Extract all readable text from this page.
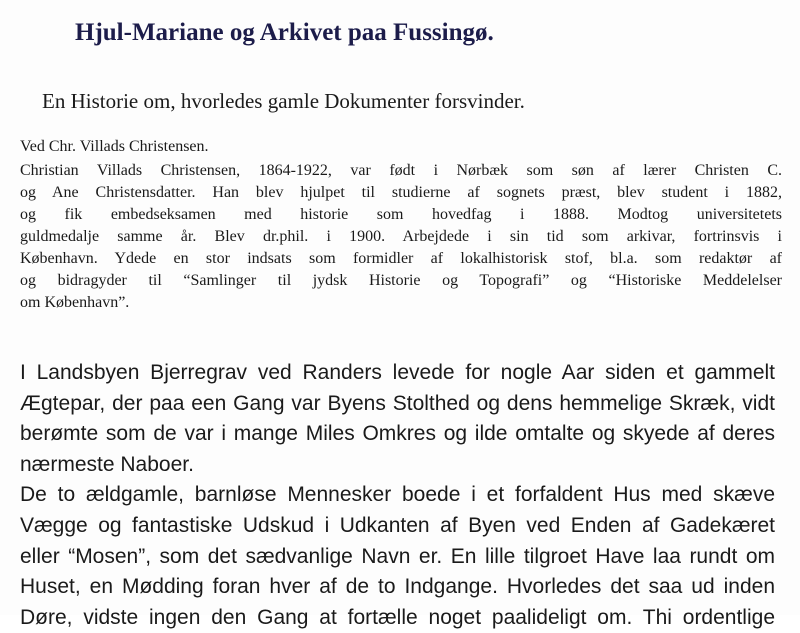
Hjul-Mariane og Arkivet paa Fussingø.
En Historie om, hvorledes gamle Dokumenter forsvinder.
Ved Chr. Villads Christensen.
Christian Villads Christensen, 1864-1922, var født i Nørbæk som søn af lærer Christen C.
og Ane Christensdatter. Han blev hjulpet til studierne af sognets præst, blev student i 1882,
og fik embedseksamen med historie som hovedfag i 1888. Modtog universitetets
guldmedalje samme år. Blev dr.phil. i 1900. Arbejdede i sin tid som arkivar, fortrinsvis i
København. Ydede en stor indsats som formidler af lokalhistorisk stof, bl.a. som redaktør af
og bidragyder til “Samlinger til jydsk Historie og Topografi” og “Historiske Meddelelser
om København”.
I Landsbyen Bjerregrav ved Randers levede for nogle Aar siden et gammelt
Ægtepar, der paa een Gang var Byens Stolthed og dens hemmelige Skræk, vidt
berømte som de var i mange Miles Omkres og ilde omtalte og skyede af deres
nærmeste Naboer.
De to ældgamle, barnløse Mennesker boede i et forfaldent Hus med skæve
Vægge og fantastiske Udskud i Udkanten af Byen ved Enden af Gadekæret
eller “Mosen”, som det sædvanlige Navn er. En lille tilgroet Have laa rundt om
Huset, en Mødding foran hver af de to Indgange. Hvorledes det saa ud inden
Døre, vidste ingen den Gang at fortælle noget paalideligt om. Thi ordentlige
